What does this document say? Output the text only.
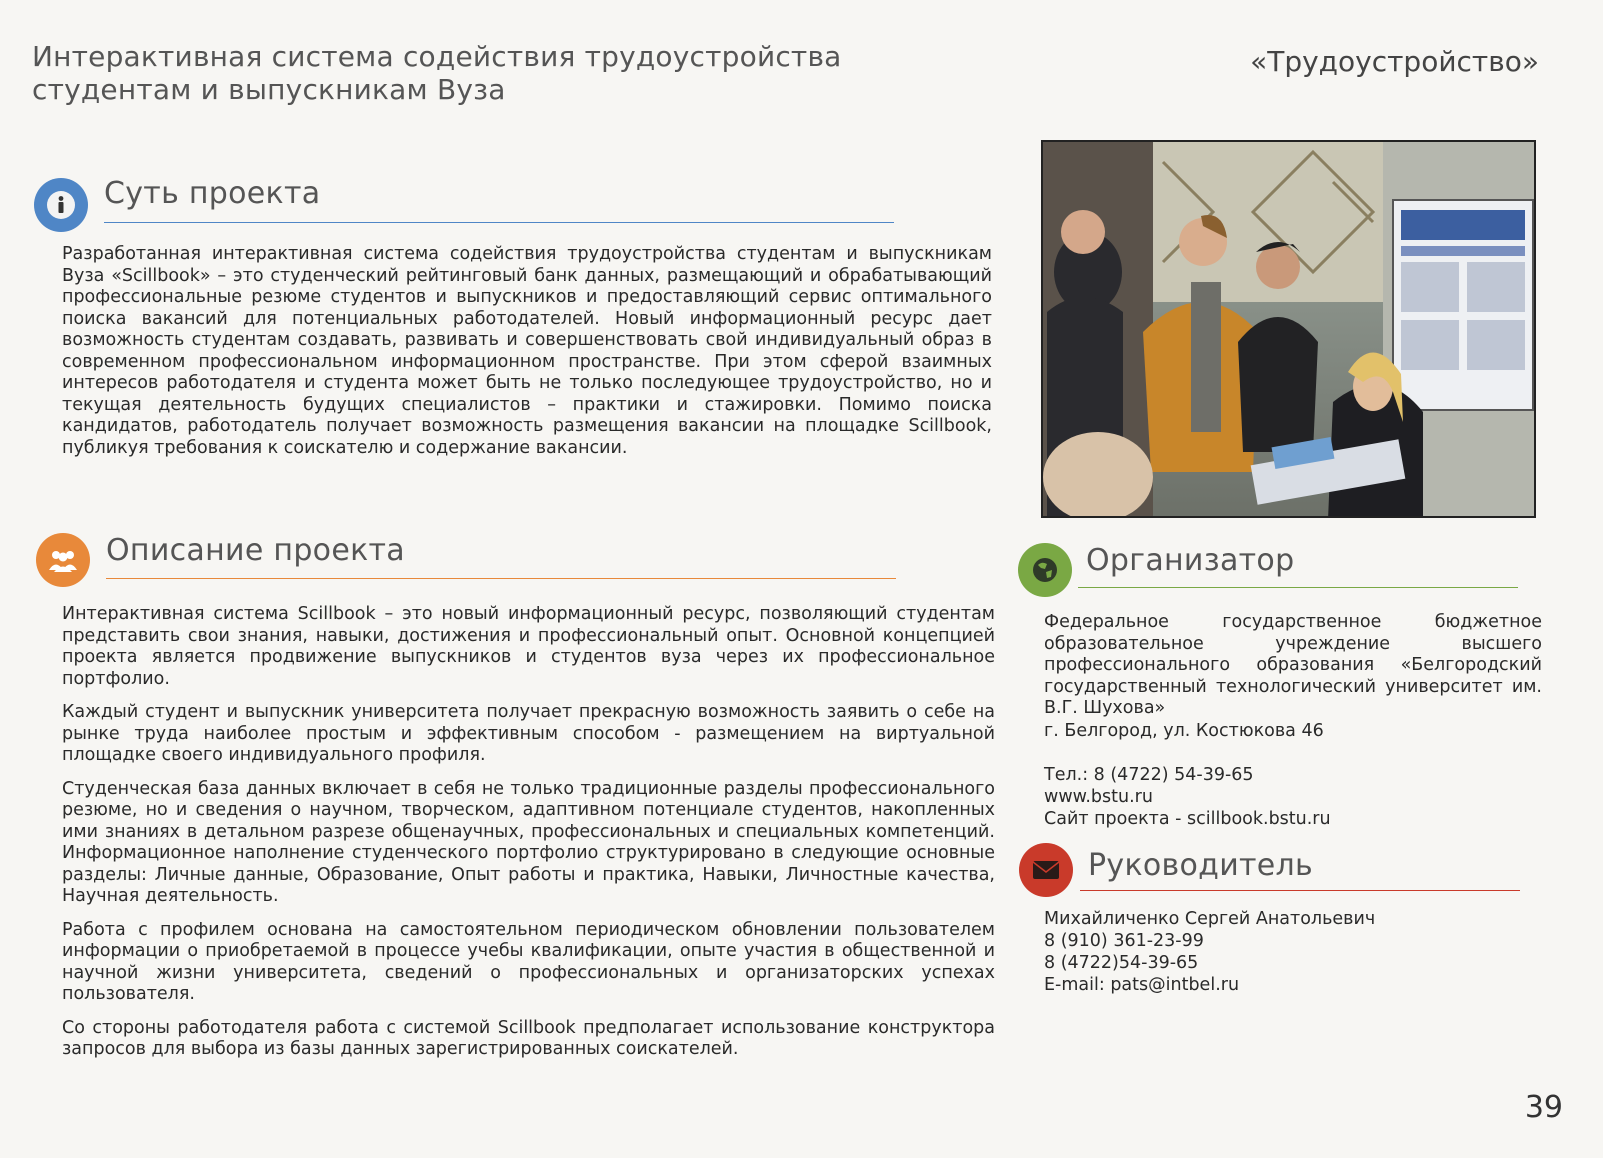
Интерактивная система содействия трудоустройства
студентам и выпускникам Вуза
«Трудоустройство»
Суть проекта

Разработанная интерактивная система содействия трудоустройства студентам и выпускникам Вуза «Scillbook» – это студенческий рейтинговый банк данных, размещающий и обрабатывающий профессиональные резюме студентов и выпускников и предоставляющий сервис оптимального поиска вакансий для потенциальных работодателей. Новый информационный ресурс дает возможность студентам создавать, развивать и совершенствовать свой индивидуальный образ в современном профессиональном информационном пространстве. При этом сферой взаимных интересов работодателя и студента может быть не только последующее трудоустройство, но и текущая деятельность будущих специалистов – практики и стажировки. Помимо поиска кандидатов, работодатель получает возможность размещения вакансии на площадке Scillbook, публикуя требования к соискателю и содержание вакансии.

Описание проекта

Интерактивная система Scillbook – это новый информационный ресурс, позволяющий студентам представить свои знания, навыки, достижения и профессиональный опыт. Основной концепцией проекта является продвижение выпускников и студентов вуза через их профессиональное портфолио.

Каждый студент и выпускник университета получает прекрасную возможность заявить о себе на рынке труда наиболее простым и эффективным способом - размещением на виртуальной площадке своего индивидуального профиля.

Студенческая база данных включает в себя не только традиционные разделы профессионального резюме, но и сведения о научном, творческом, адаптивном потенциале студентов, накопленных ими знаниях в детальном разрезе общенаучных, профессиональных и специальных компетенций. Информационное наполнение студенческого портфолио структурировано в следующие основные разделы: Личные данные, Образование, Опыт работы и практика, Навыки, Личностные качества, Научная деятельность.

Работа с профилем основана на самостоятельном периодическом обновлении пользователем информации о приобретаемой в процессе учебы квалификации, опыте участия в общественной и научной жизни университета, сведений о профессиональных и организаторских успехах пользователя.

Со стороны работодателя работа с системой Scillbook предполагает использование конструктора запросов для выбора из базы данных зарегистрированных соискателей.

Организатор

Федеральное государственное бюджетное образовательное учреждение высшего профессионального образования «Белгородский государственный технологический университет им. В.Г. Шухова»

г. Белгород, ул. Костюкова 46

Тел.: 8 (4722) 54-39-65

www.bstu.ru

Сайт проекта - scillbook.bstu.ru

Руководитель

Михайличенко Сергей Анатольевич

8 (910) 361-23-99

8 (4722)54-39-65

E-mail: pats@intbel.ru

39
